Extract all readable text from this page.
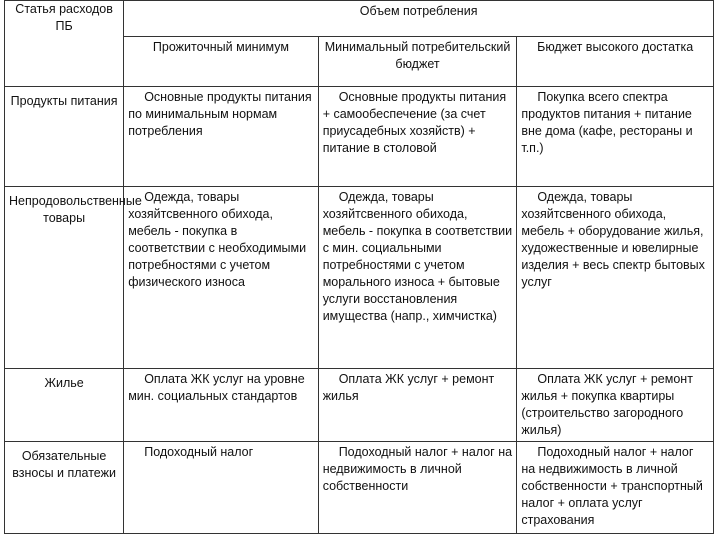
Статья расходов ПБ	Объем потребления		
	Прожиточный минимум	Минимальный потребительский бюджет	Бюджет высокого достатка
Продукты питания	Основные продукты питания по минимальным нормам потребления	Основные продукты питания + самообеспечение (за счет приусадебных хозяйств) + питание в столовой	Покупка всего спектра продуктов питания + питание вне дома (кафе, рестораны и т.п.)
Непродовольственные товары	Одежда, товары хозяйтсвенного обихода, мебель - покупка в соответствии с необходимыми потребностями с учетом физического износа	Одежда, товары хозяйтсвенного обихода, мебель - покупка в соответствии с мин. социальными потребностями с учетом морального износа + бытовые услуги восстановления имущества (напр., химчистка)	Одежда, товары хозяйтсвенного обихода, мебель + оборудование жилья, художественные и ювелирные изделия + весь спектр бытовых услуг
Жилье	Оплата ЖК услуг на уровне мин. социальных стандартов	Оплата ЖК услуг + ремонт жилья	Оплата ЖК услуг + ремонт жилья + покупка квартиры (строительство загородного жилья)
Обязательные взносы и платежи	Подоходный налог	Подоходный налог + налог на недвижимость в личной собственности	Подоходный налог + налог на недвижимость в личной собственности + транспортный налог + оплата услуг страхования
